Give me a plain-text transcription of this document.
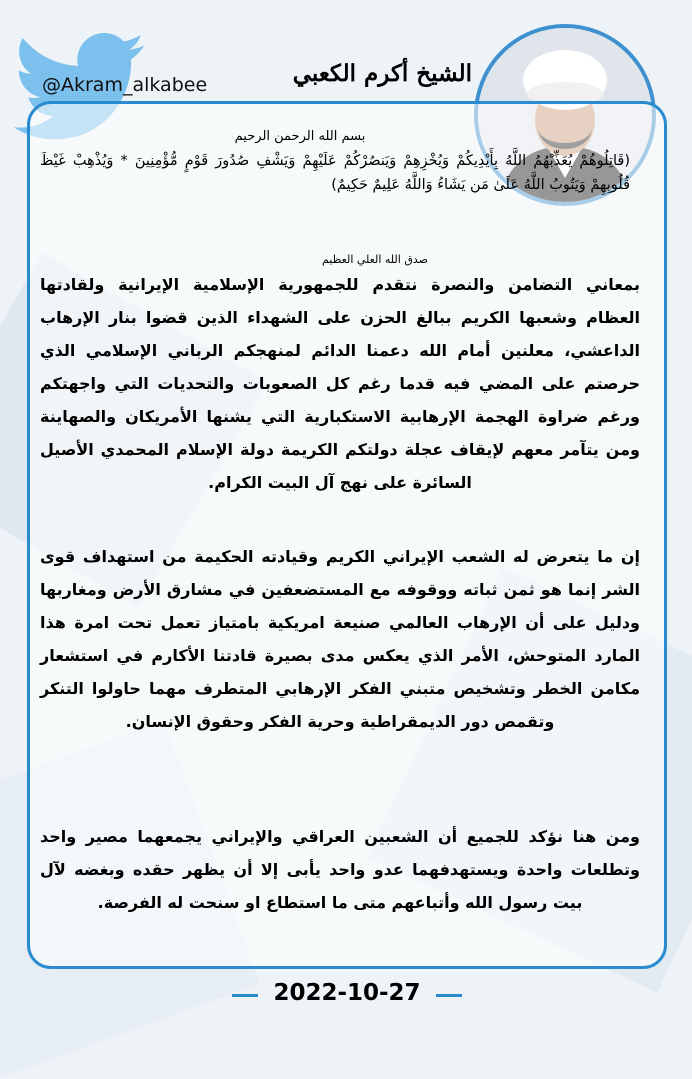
@Akram_alkabee	الشيخ أكرم الكعبي
بسم الله الرحمن الرحيم
(قَاتِلُوهُمْ يُعَذِّبْهُمُ اللَّهُ بِأَيْدِيكُمْ وَيُخْزِهِمْ وَيَنصُرْكُمْ عَلَيْهِمْ وَيَشْفِ صُدُورَ قَوْمٍ مُّؤْمِنِينَ * وَيُذْهِبْ غَيْظَ قُلُوبِهِمْ وَيَتُوبُ اللَّهُ عَلَىٰ مَن يَشَاءُ وَاللَّهُ عَلِيمٌ حَكِيمٌ)
صدق الله العلي العظيم
بمعاني التضامن والنصرة نتقدم للجمهورية الإسلامية الإيرانية ولقادتها العظام وشعبها الكريم ببالغ الحزن على الشهداء الذين قضوا بنار الإرهاب الداعشي، معلنين أمام الله دعمنا الدائم لمنهجكم الرباني الإسلامي الذي حرصتم على المضي فيه قدما رغم كل الصعوبات والتحديات التي واجهتكم ورغم ضراوة الهجمة الإرهابية الاستكبارية التي يشنها الأمريكان والصهاينة ومن يتآمر معهم لإيقاف عجلة دولتكم الكريمة دولة الإسلام المحمدي الأصيل السائرة على نهج آل البيت الكرام.
إن ما يتعرض له الشعب الإيراني الكريم وقيادته الحكيمة من استهداف قوى الشر إنما هو ثمن ثباته ووقوفه مع المستضعفين في مشارق الأرض ومغاربها ودليل على أن الإرهاب العالمي صنيعة امريكية بامتياز تعمل تحت امرة هذا المارد المتوحش، الأمر الذي يعكس مدى بصيرة قادتنا الأكارم في استشعار مكامن الخطر وتشخيص متبني الفكر الإرهابي المتطرف مهما حاولوا التنكر وتقمص دور الديمقراطية وحرية الفكر وحقوق الإنسان.
ومن هنا نؤكد للجميع أن الشعبين العراقي والإيراني يجمعهما مصير واحد وتطلعات واحدة ويستهدفهما عدو واحد يأبى إلا أن يظهر حقده وبغضه لآل بيت رسول الله وأتباعهم متى ما استطاع او سنحت له الفرصة.
2022-10-27
